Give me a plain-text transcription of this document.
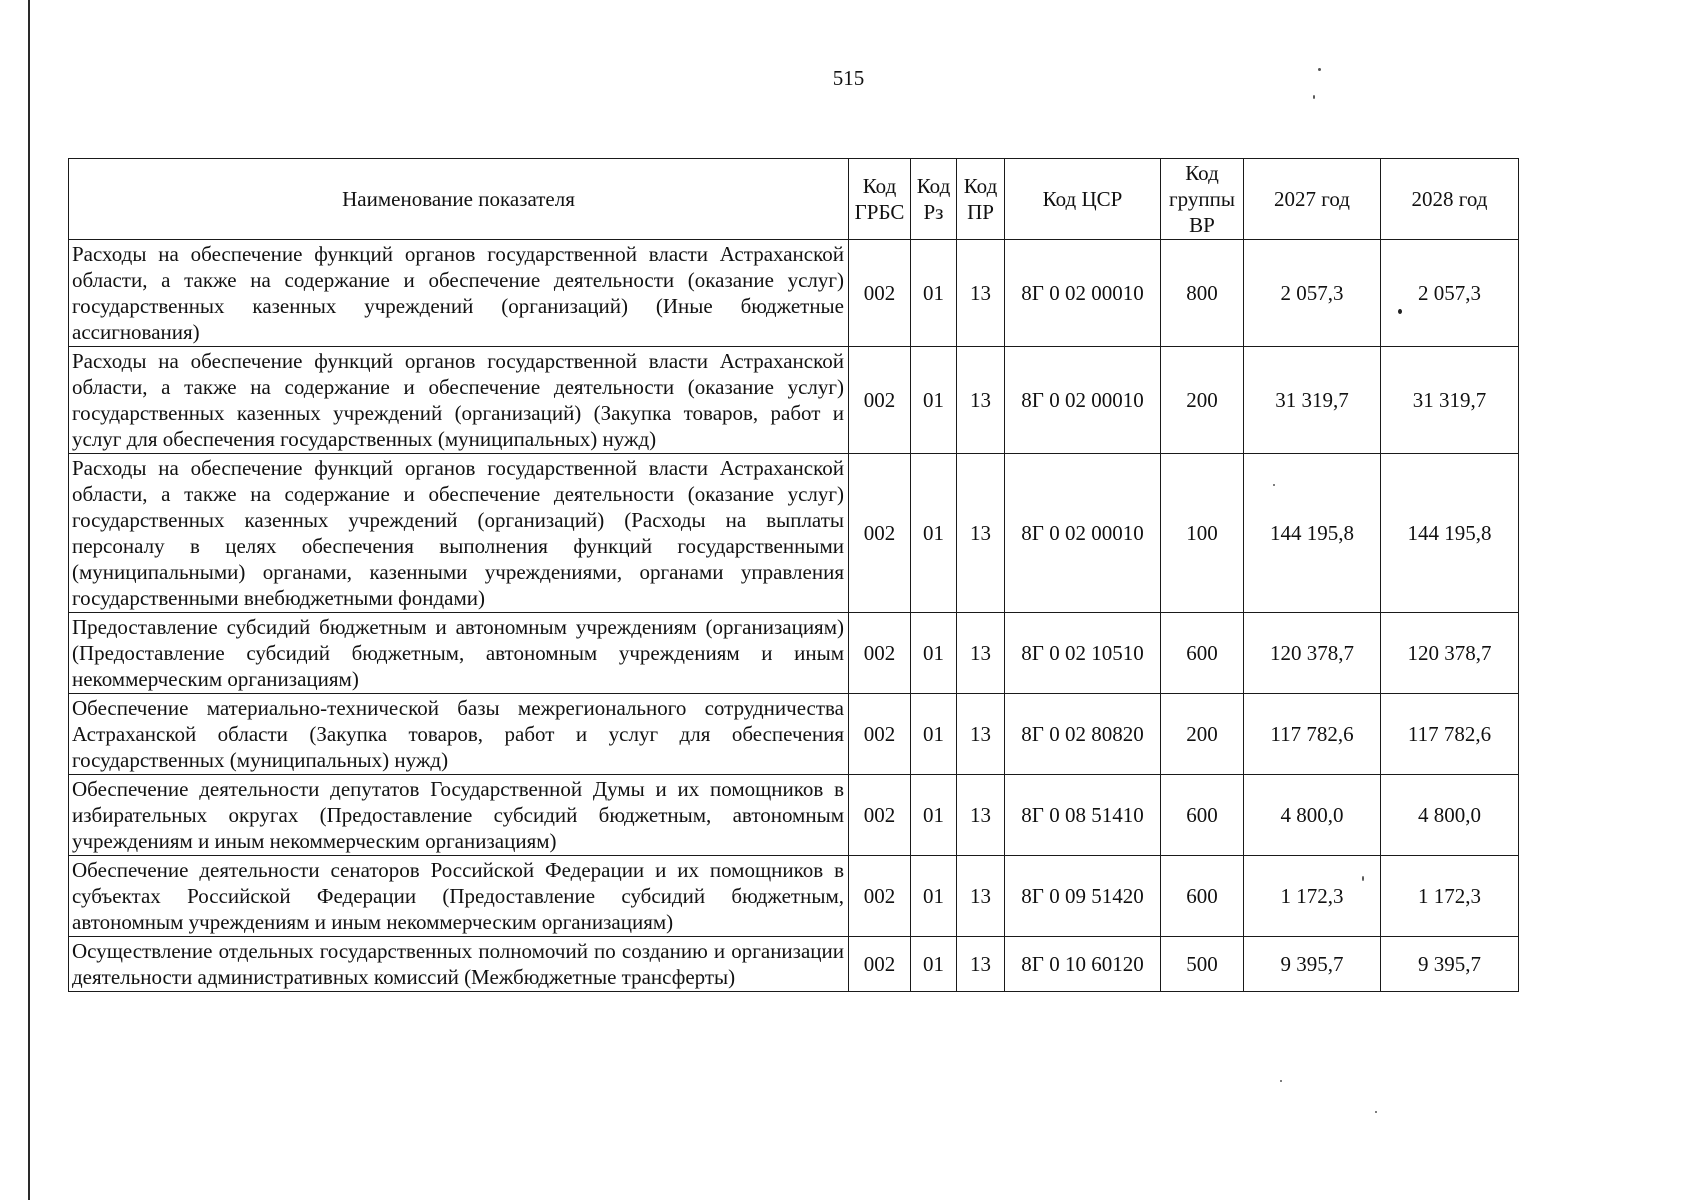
515
Наименование показателя	Код ГРБС	Код Рз	Код ПР	Код ЦСР	Код группы ВР	2027 год	2028 год
Расходы на обеспечение функций органов государственной власти Астраханской области, а также на содержание и обеспечение деятельности (оказание услуг) государственных казенных учреждений (организаций) (Иные бюджетные ассигнования)	002	01	13	8Г 0 02 00010	800	2 057,3	2 057,3
Расходы на обеспечение функций органов государственной власти Астраханской области, а также на содержание и обеспечение деятельности (оказание услуг) государственных казенных учреждений (организаций) (Закупка товаров, работ и услуг для обеспечения государственных (муниципальных) нужд)	002	01	13	8Г 0 02 00010	200	31 319,7	31 319,7
Расходы на обеспечение функций органов государственной власти Астраханской области, а также на содержание и обеспечение деятельности (оказание услуг) государственных казенных учреждений (организаций) (Расходы на выплаты персоналу в целях обеспечения выполнения функций государственными (муниципальными) органами, казенными учреждениями, органами управления государственными внебюджетными фондами)	002	01	13	8Г 0 02 00010	100	144 195,8	144 195,8
Предоставление субсидий бюджетным и автономным учреждениям (организациям) (Предоставление субсидий бюджетным, автономным учреждениям и иным некоммерческим организациям)	002	01	13	8Г 0 02 10510	600	120 378,7	120 378,7
Обеспечение материально-технической базы межрегионального сотрудничества Астраханской области (Закупка товаров, работ и услуг для обеспечения государственных (муниципальных) нужд)	002	01	13	8Г 0 02 80820	200	117 782,6	117 782,6
Обеспечение деятельности депутатов Государственной Думы и их помощников в избирательных округах (Предоставление субсидий бюджетным, автономным учреждениям и иным некоммерческим организациям)	002	01	13	8Г 0 08 51410	600	4 800,0	4 800,0
Обеспечение деятельности сенаторов Российской Федерации и их помощников в субъектах Российской Федерации (Предоставление субсидий бюджетным, автономным учреждениям и иным некоммерческим организациям)	002	01	13	8Г 0 09 51420	600	1 172,3	1 172,3
Осуществление отдельных государственных полномочий по созданию и организации деятельности административных комиссий (Межбюджетные трансферты)	002	01	13	8Г 0 10 60120	500	9 395,7	9 395,7
